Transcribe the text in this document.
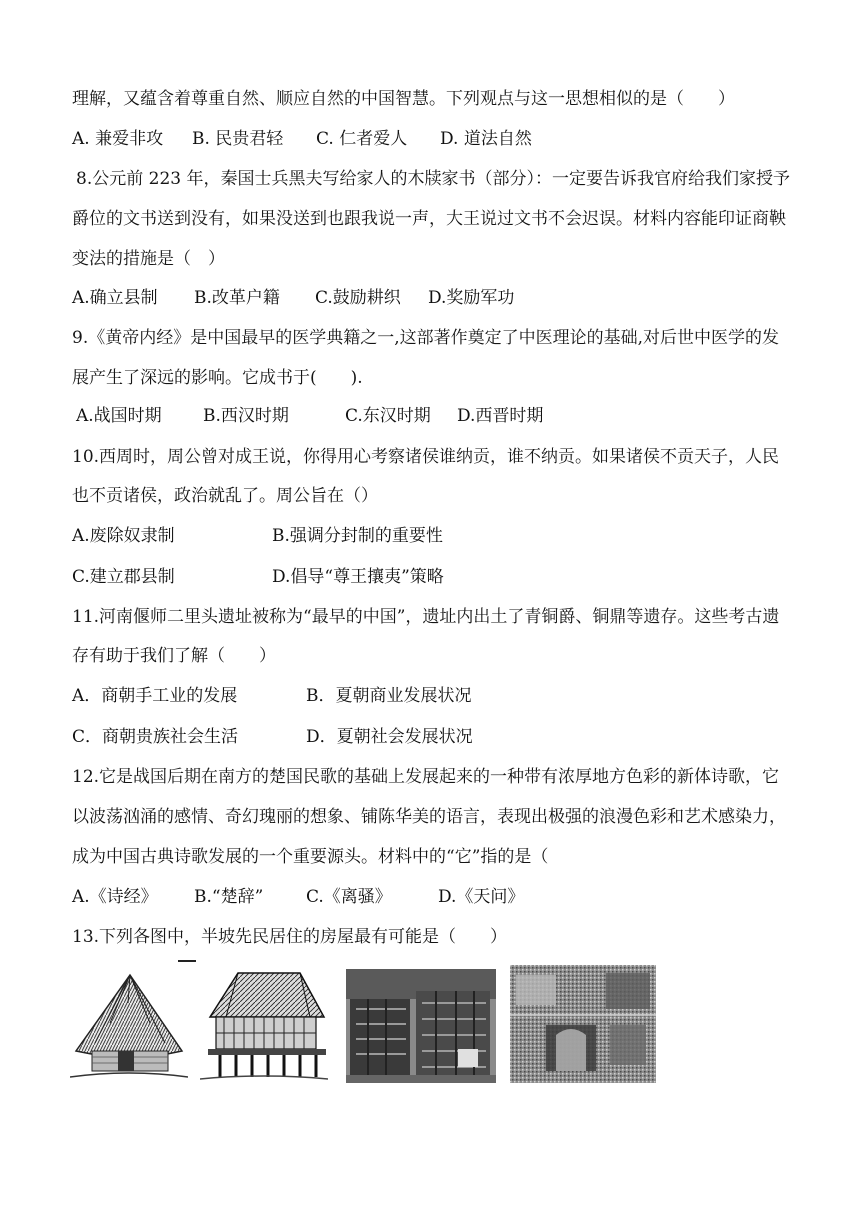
理解，又蕴含着尊重自然、顺应自然的中国智慧。下列观点与这一思想相似的是（　　）
A. 兼爱非攻 B. 民贵君轻 C. 仁者爱人 D. 道法自然
8.公元前 223 年，秦国士兵黑夫写给家人的木牍家书（部分）：一定要告诉我官府给我们家授予
爵位的文书送到没有，如果没送到也跟我说一声，大王说过文书不会迟误。材料内容能印证商鞅
变法的措施是（　）
A.确立县制 B.改革户籍 C.鼓励耕织 D.奖励军功
9.《黄帝内经》是中国最早的医学典籍之一,这部著作奠定了中医理论的基础,对后世中医学的发
展产生了深远的影响。它成书于(　　).
A.战国时期 B.西汉时期	C.东汉时期 D.西晋时期
10.西周时，周公曾对成王说，你得用心考察诸侯谁纳贡，谁不纳贡。如果诸侯不贡天子，人民
也不贡诸侯，政治就乱了。周公旨在（）
A.废除奴隶制	B.强调分封制的重要性
C.建立郡县制	D.倡导“尊王攘夷”策略
11.河南偃师二里头遗址被称为“最早的中国”，遗址内出土了青铜爵、铜鼎等遗存。这些考古遗
存有助于我们了解（　　）
A．商朝手工业的发展	B．夏朝商业发展状况
C．商朝贵族社会生活	D．夏朝社会发展状况
12.它是战国后期在南方的楚国民歌的基础上发展起来的一种带有浓厚地方色彩的新体诗歌，它
以波荡汹涌的感情、奇幻瑰丽的想象、铺陈华美的语言，表现出极强的浪漫色彩和艺术感染力，
成为中国古典诗歌发展的一个重要源头。材料中的“它”指的是（
A.《诗经》 B.“楚辞”	C.《离骚》	D.《天问》
13.下列各图中，半坡先民居住的房屋最有可能是（　　）
